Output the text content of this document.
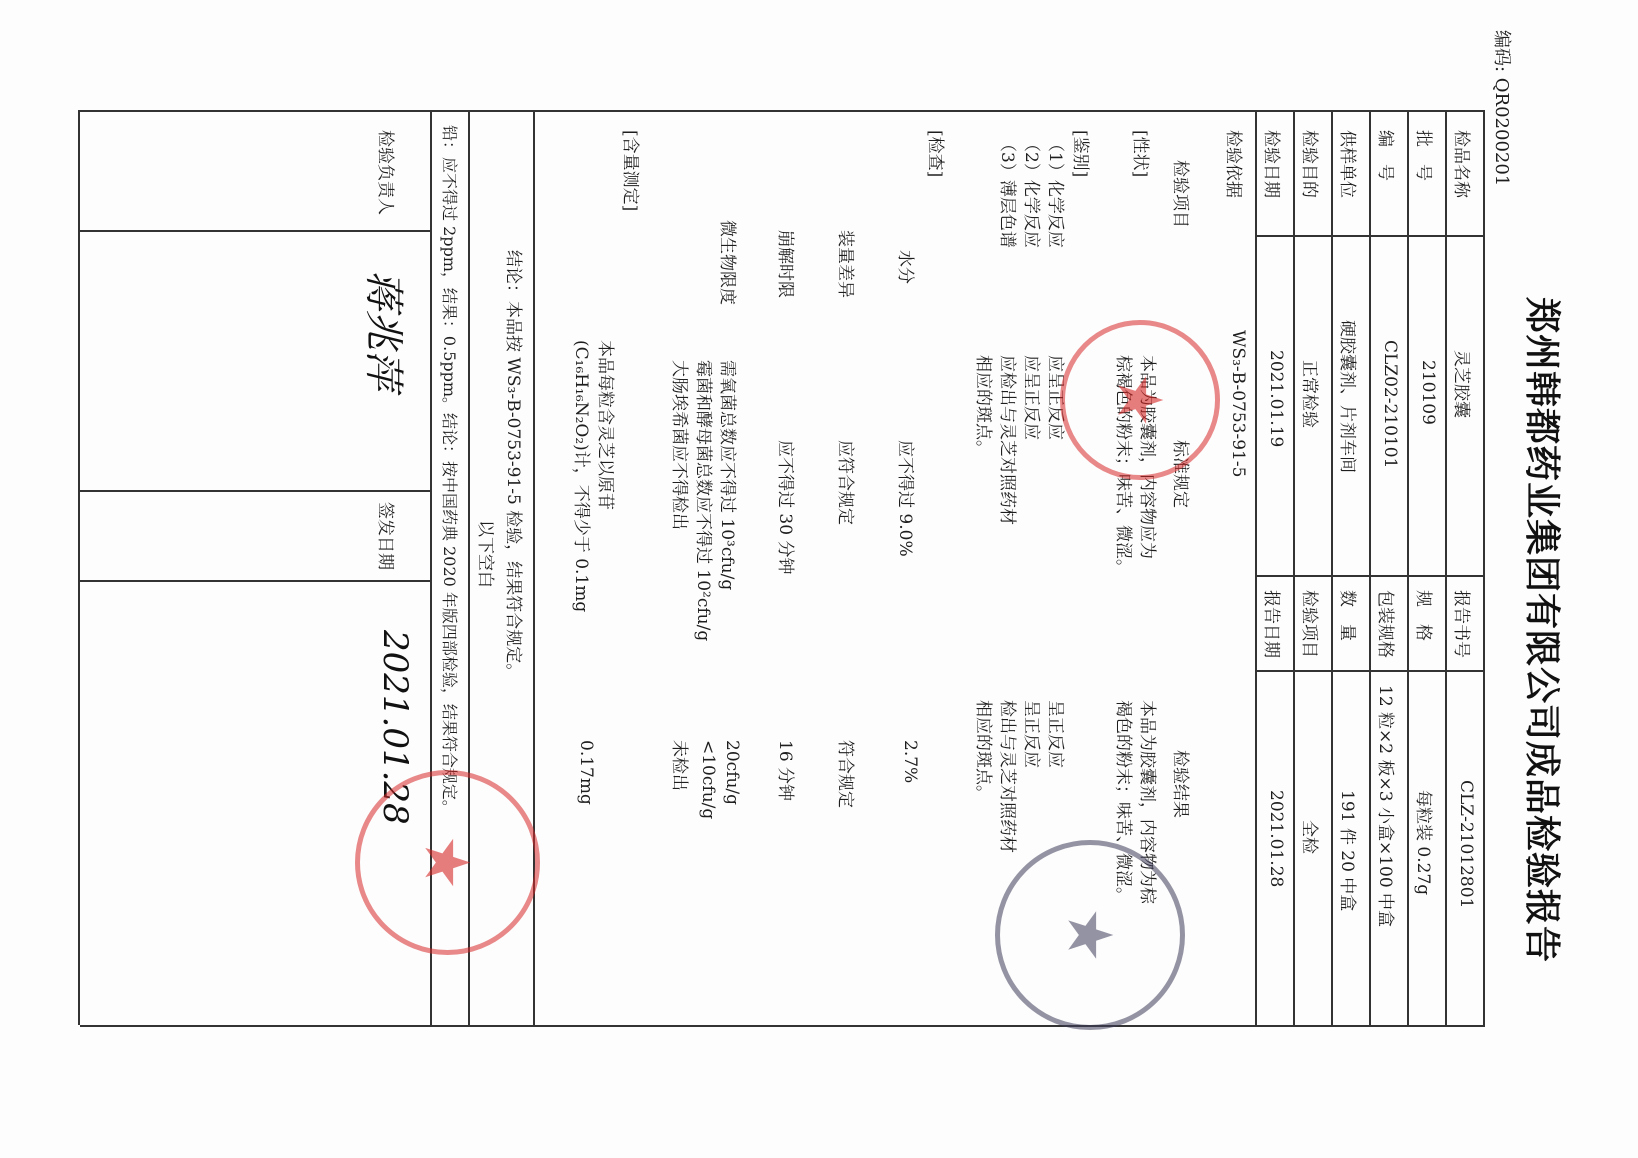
郑州韩都药业集团有限公司成品检验报告
编码: QR0200201
检品名称
灵芝胶囊
报告书号
CLZ-21012801
批　号
210109
规　格
每粒装 0.27g
编　号
CLZ02-210101
包装规格
12 粒×2 板×3 小盒×100 中盒
供样单位
硬胶囊剂、片剂车间
数　量
191 件 20 中盒
检验目的
正常检验
检验项目
全检
检验日期
2021.01.19
报告日期
2021.01.28
检验依据
WS₃-B-0753-91-5
检验项目
标准规定
检验结果
[性状]
本品为胶囊剂，内容物应为
本品为胶囊剂，内容物为棕
棕褐色的粉末；味苦、微涩。
褐色的粉末；味苦、微涩。
[鉴别]
（1）化学反应
应呈正反应
呈正反应
（2）化学反应
应呈正反应
呈正反应
（3）薄层色谱
应检出与灵芝对照药材
检出与灵芝对照药材
相应的斑点。
相应的斑点。
[检查]
水分
应不得过 9.0%
2.7%
装量差异
应符合规定
符合规定
崩解时限
应不得过 30 分钟
16 分钟
微生物限度
需氧菌总数应不得过 10³cfu/g
20cfu/g
霉菌和酵母菌总数应不得过 10²cfu/g
<10cfu/g
大肠埃希菌应不得检出
未检出
[含量测定]
本品每粒含灵芝以原苷
(C₁₆H₁₆N₂O₂)计，不得少于 0.1mg
0.17mg
结论：本品按 WS₃-B-0753-91-5 检验，结果符合规定。
以下空白
铅：应不得过 2ppm，结果：0.5ppm。结论：按中国药典 2020 年版四部检验，结果符合规定。
检验负责人
蒋兆萍
签发日期
2021.01.28
★
★
★
